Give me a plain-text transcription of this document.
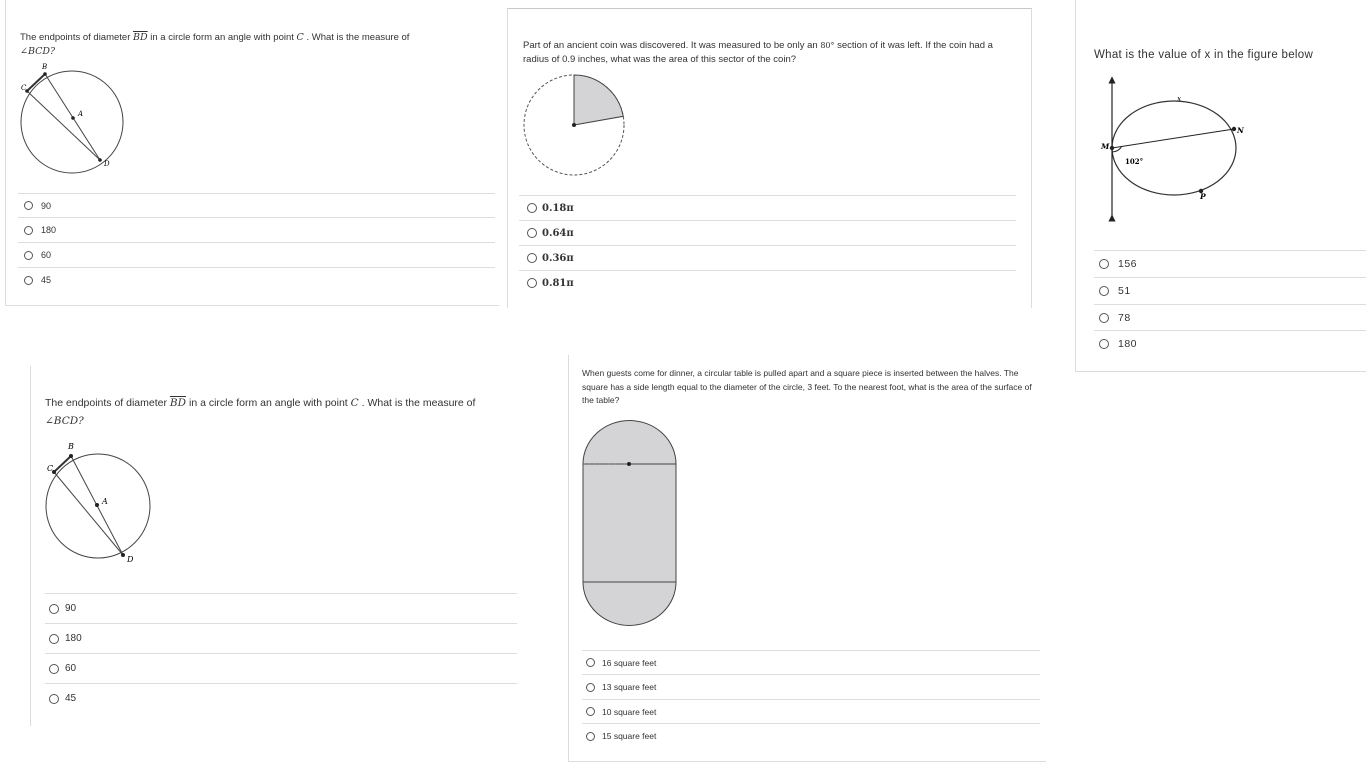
The endpoints of diameter $\overline{BD}$ in a circle form an angle with point C . What is the measure of
∠BCD?
B
C
A
D
90
180
60
45
Part of an ancient coin was discovered. It was measured to be only an 80° section of it was left. If the coin had a radius of 0.9 inches, what was the area of this sector of the coin?
0.18π
0.64π
0.36π
0.81π
What is the value of x in the figure below
M
N
P
x
102°
156
51
78
180
The endpoints of diameter $\overline{BD}$ in a circle form an angle with point C . What is the measure of
∠BCD?
B
C
A
D
90
180
60
45
When guests come for dinner, a circular table is pulled apart and a square piece is inserted between the halves. The square has a side length equal to the diameter of the circle, 3 feet. To the nearest foot, what is the area of the surface of the table?
16 square feet
13 square feet
10 square feet
15 square feet
